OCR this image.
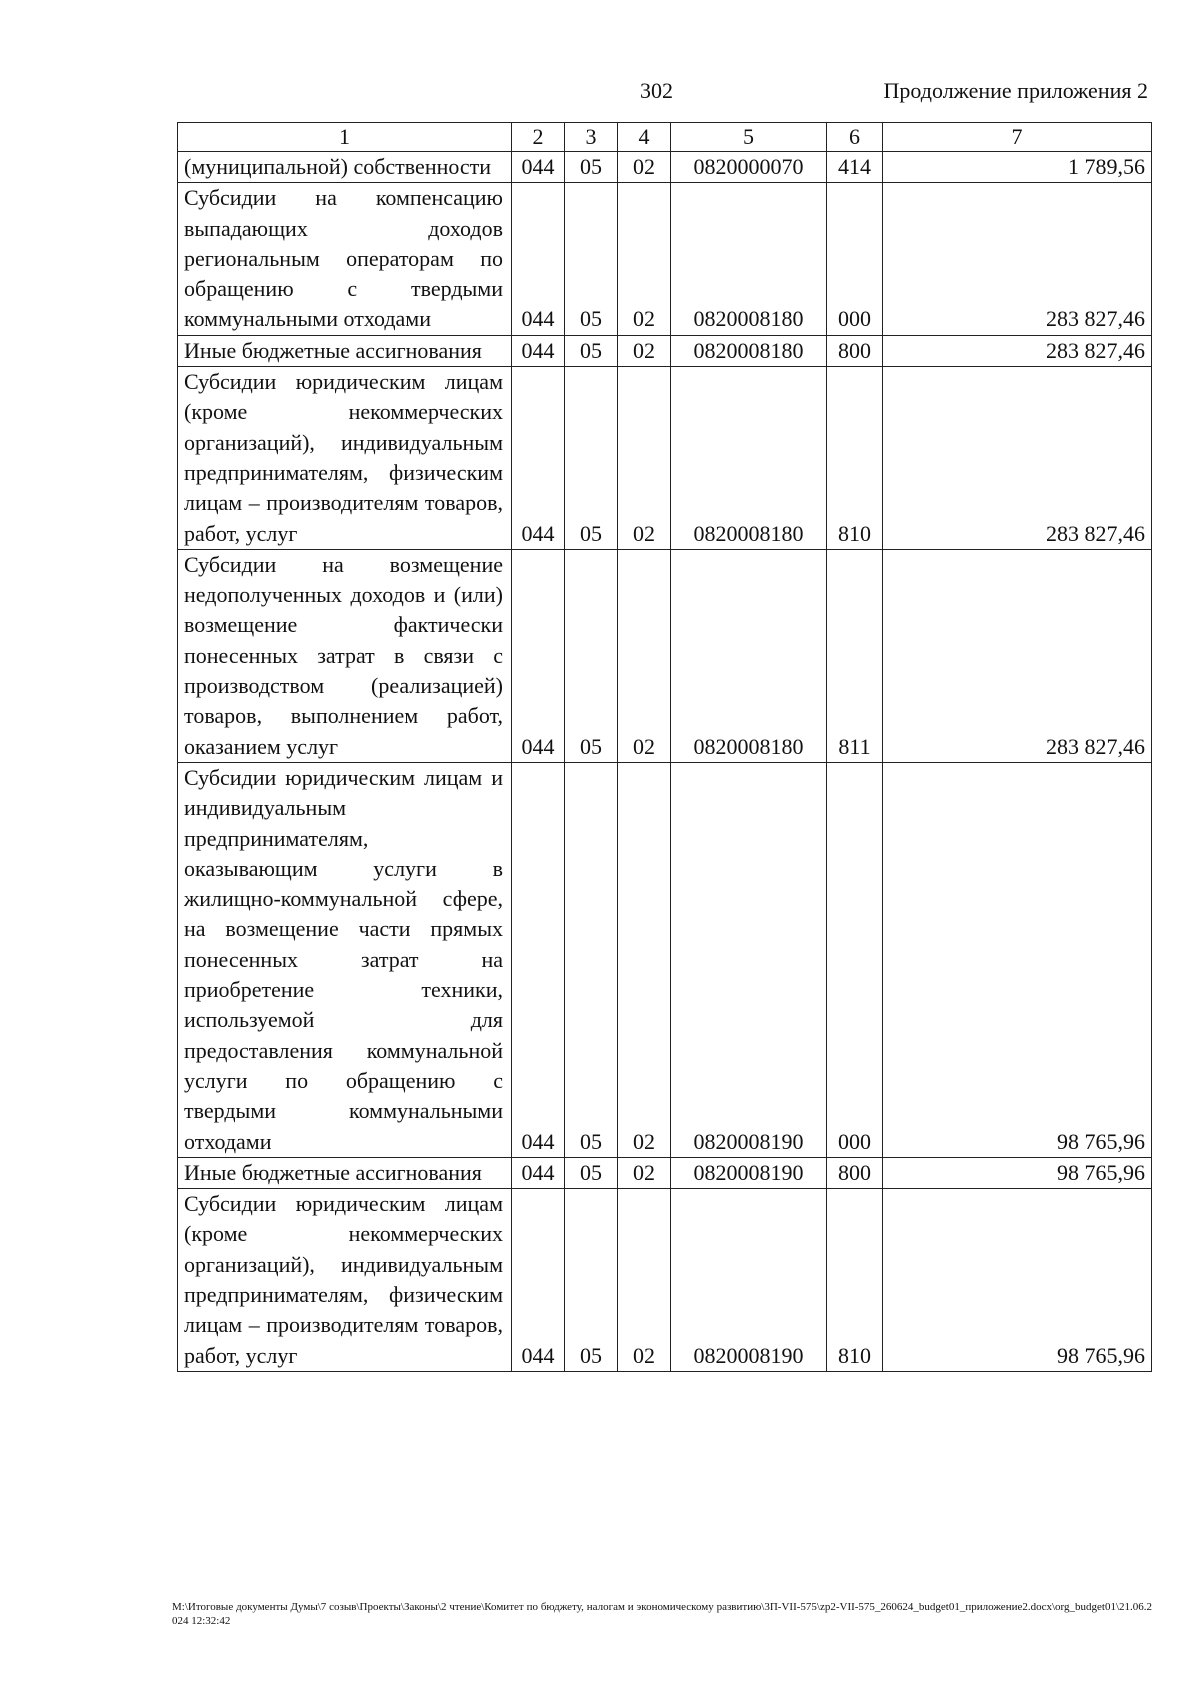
302	Продолжение приложения 2
1	2	3	4	5	6	7
(муниципальной) собственности	044	05	02	0820000070	414	1 789,56
Субсидии на компенсацию выпадающих доходов региональным операторам по обращению с твердыми коммунальными отходами	044	05	02	0820008180	000	283 827,46
Иные бюджетные ассигнования	044	05	02	0820008180	800	283 827,46
Субсидии юридическим лицам (кроме некоммерческих организаций), индивидуальным предпринимателям, физическим лицам – производителям товаров, работ, услуг	044	05	02	0820008180	810	283 827,46
Субсидии на возмещение недополученных доходов и (или) возмещение фактически понесенных затрат в связи с производством (реализацией) товаров, выполнением работ, оказанием услуг	044	05	02	0820008180	811	283 827,46
Субсидии юридическим лицам и индивидуальным предпринимателям, оказывающим услуги в жилищно-коммунальной сфере, на возмещение части прямых понесенных затрат на приобретение техники, используемой для предоставления коммунальной услуги по обращению с твердыми коммунальными отходами	044	05	02	0820008190	000	98 765,96
Иные бюджетные ассигнования	044	05	02	0820008190	800	98 765,96
Субсидии юридическим лицам (кроме некоммерческих организаций), индивидуальным предпринимателям, физическим лицам – производителям товаров, работ, услуг	044	05	02	0820008190	810	98 765,96
M:\Итоговые документы Думы\7 созыв\Проекты\Законы\2 чтение\Комитет по бюджету, налогам и экономическому развитию\3П-VII-575\zp2-VII-575_260624_budget01_приложение2.docx\org_budget01\21.06.2024 12:32:42
